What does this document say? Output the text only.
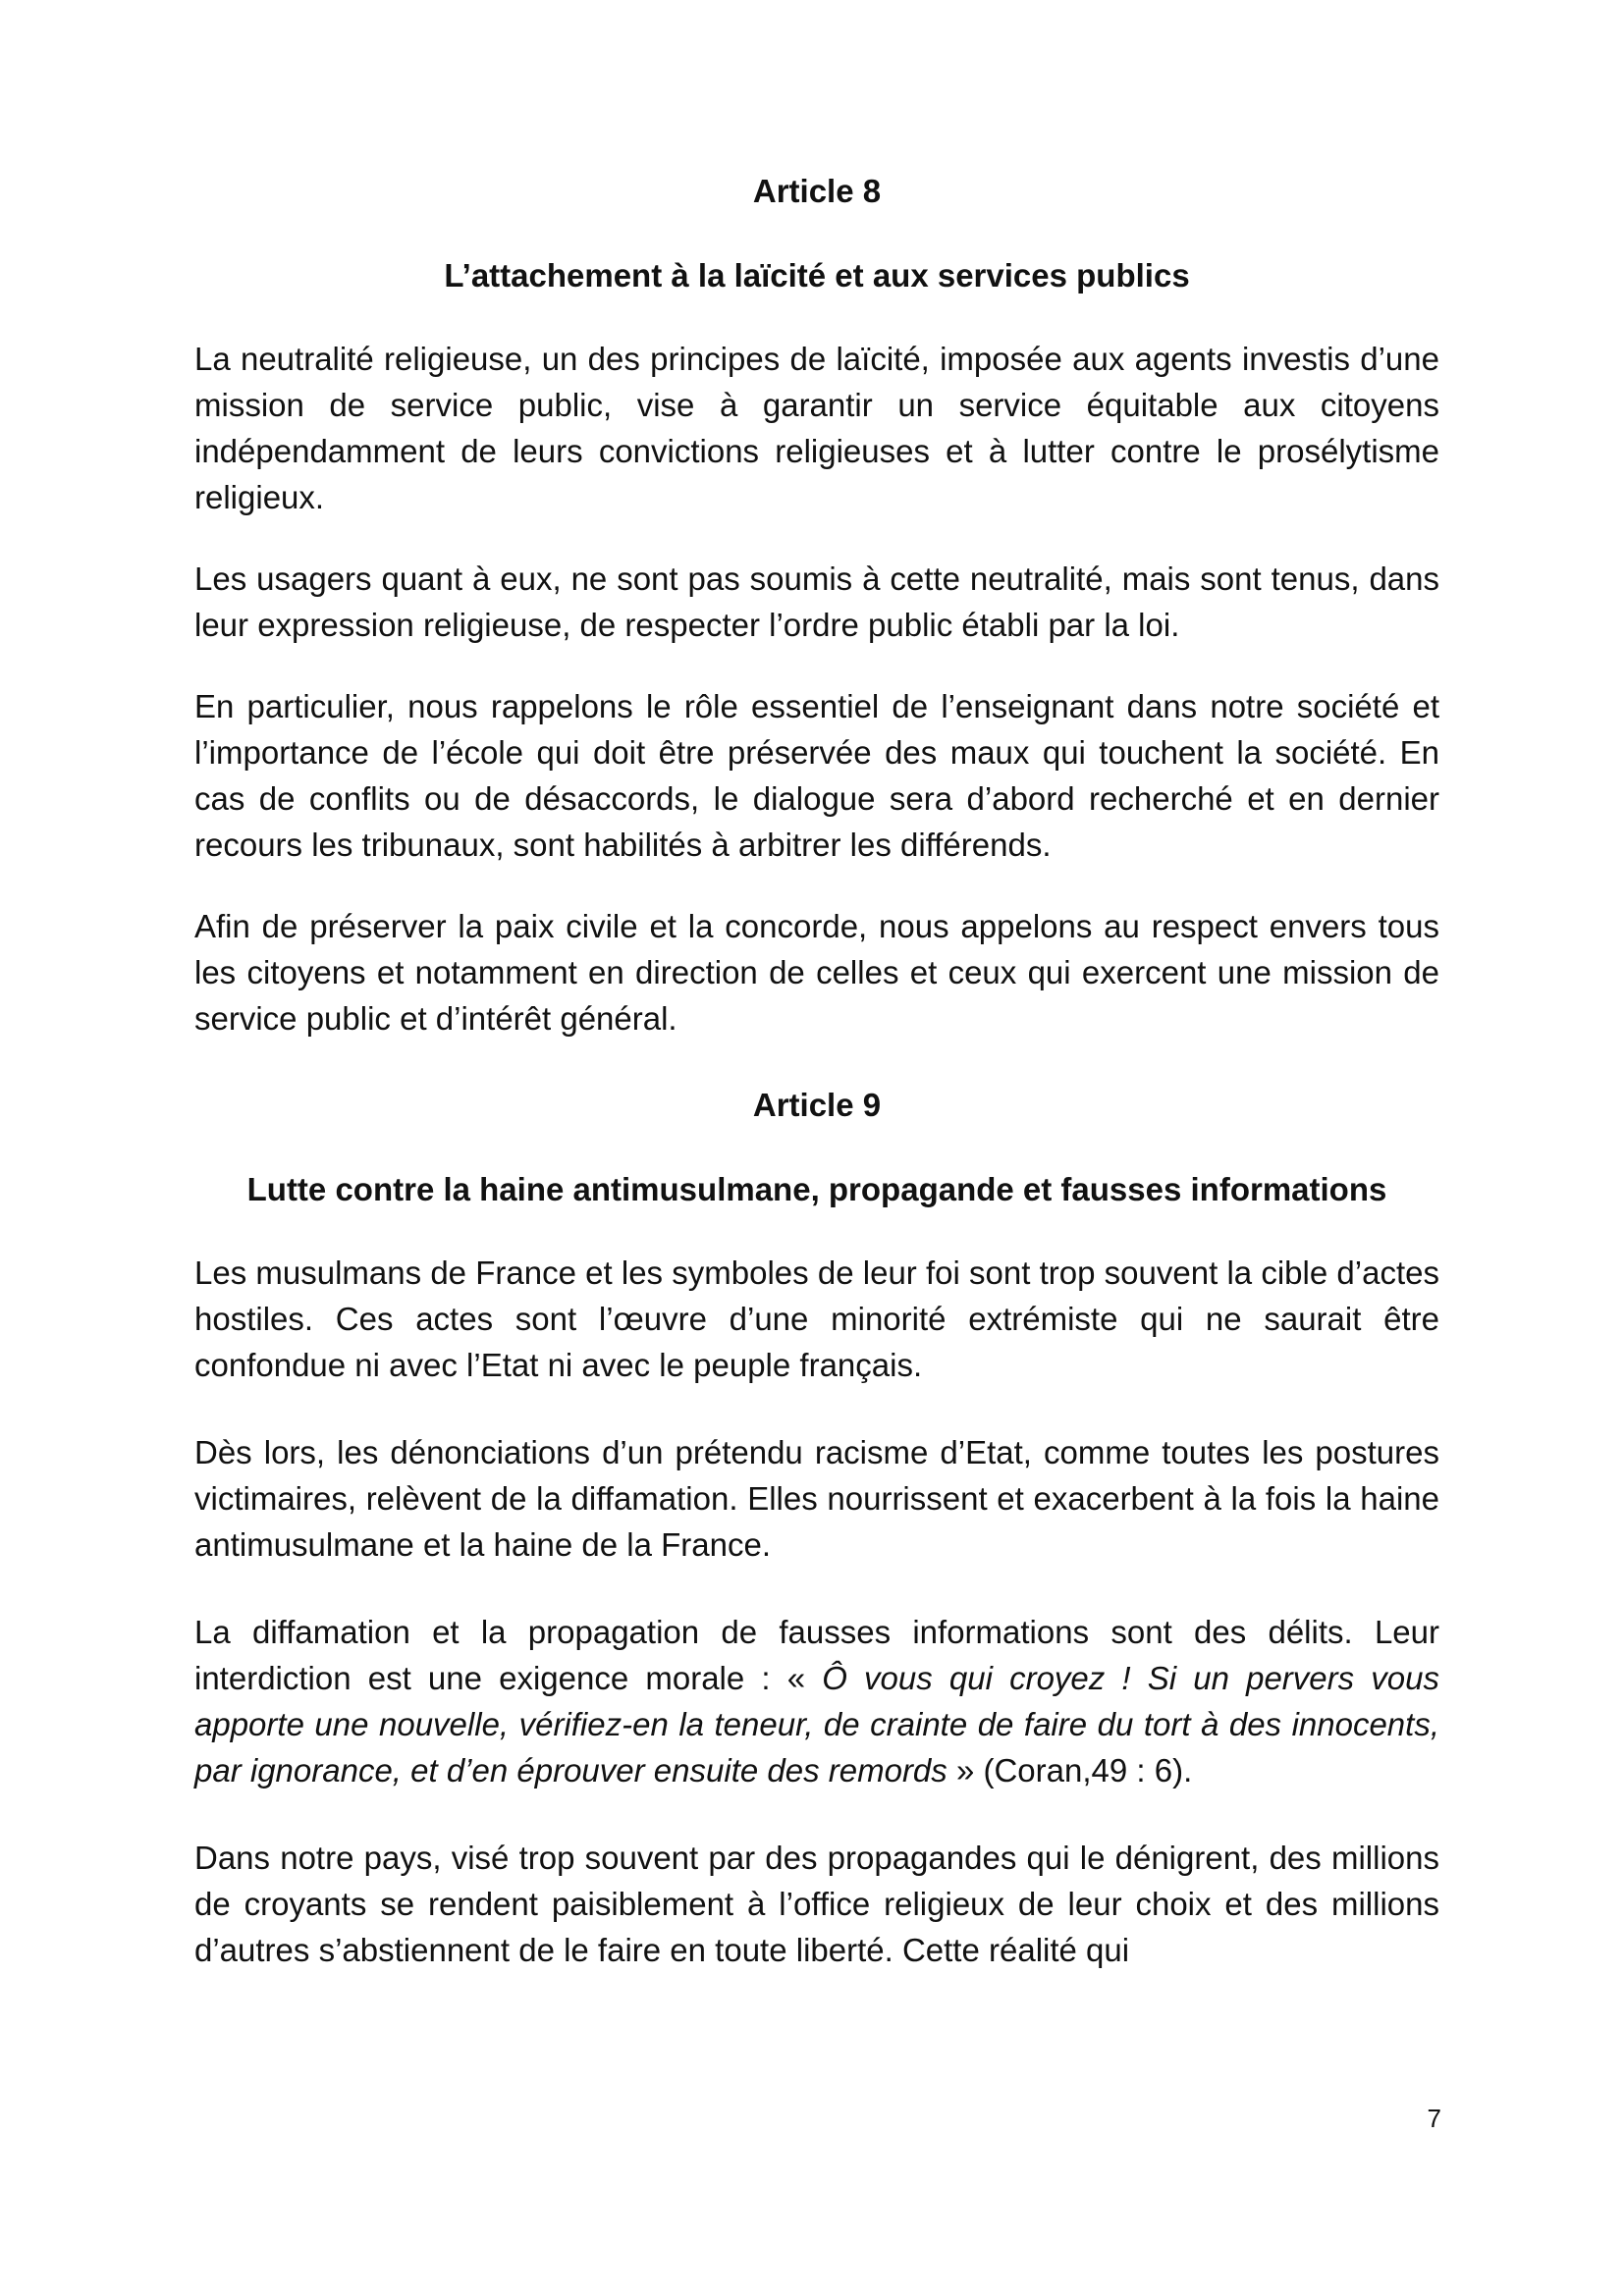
Article 8
L’attachement à la laïcité et aux services publics

La neutralité religieuse, un des principes de laïcité, imposée aux agents investis d’une mission de service public, vise à garantir un service équitable aux citoyens indépendamment de leurs convictions religieuses et à lutter contre le prosélytisme religieux.

Les usagers quant à eux, ne sont pas soumis à cette neutralité, mais sont tenus, dans leur expression religieuse, de respecter l’ordre public établi par la loi.

En particulier, nous rappelons le rôle essentiel de l’enseignant dans notre société et l’importance de l’école qui doit être préservée des maux qui touchent la société. En cas de conflits ou de désaccords, le dialogue sera d’abord recherché et en dernier recours les tribunaux, sont habilités à arbitrer les différends.

Afin de préserver la paix civile et la concorde, nous appelons au respect envers tous les citoyens et notamment en direction de celles et ceux qui exercent une mission de service public et d’intérêt général.

Article 9
Lutte contre la haine antimusulmane, propagande et fausses informations

Les musulmans de France et les symboles de leur foi sont trop souvent la cible d’actes hostiles. Ces actes sont l’œuvre d’une minorité extrémiste qui ne saurait être confondue ni avec l’Etat ni avec le peuple français.

Dès lors, les dénonciations d’un prétendu racisme d’Etat, comme toutes les postures victimaires, relèvent de la diffamation. Elles nourrissent et exacerbent à la fois la haine antimusulmane et la haine de la France.

La diffamation et la propagation de fausses informations sont des délits. Leur interdiction est une exigence morale : « Ô vous qui croyez ! Si un pervers vous apporte une nouvelle, vérifiez-en la teneur, de crainte de faire du tort à des innocents, par ignorance, et d’en éprouver ensuite des remords » (Coran,49 : 6).

Dans notre pays, visé trop souvent par des propagandes qui le dénigrent, des millions de croyants se rendent paisiblement à l’office religieux de leur choix et des millions d’autres s’abstiennent de le faire en toute liberté. Cette réalité qui

7
